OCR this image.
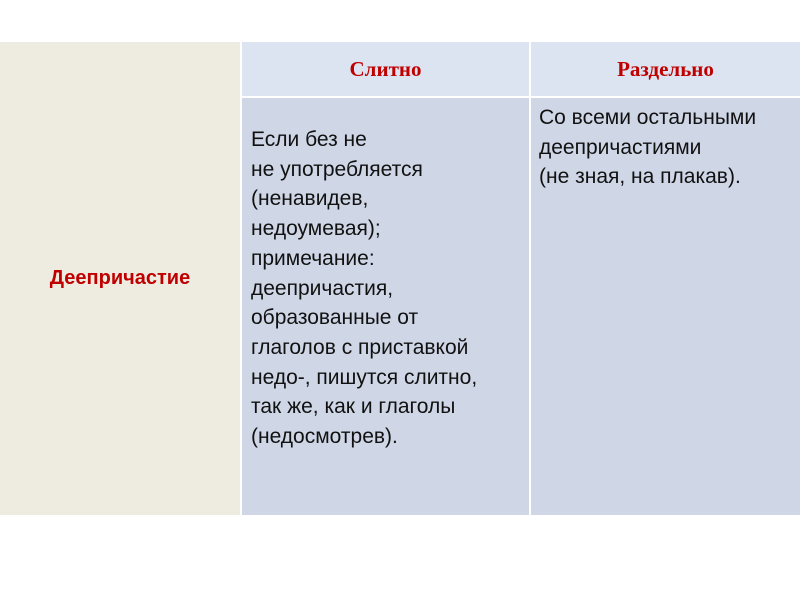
Деепричастие
Слитно	Раздельно
Если без не
не употребляется
(ненавидев,
недоумевая);
примечание:
деепричастия,
образованные от
глаголов с приставкой
недо-, пишутся слитно,
так же, как и глаголы
(недосмотрев).
Со всеми остальными
деепричастиями
(не зная, на плакав).
